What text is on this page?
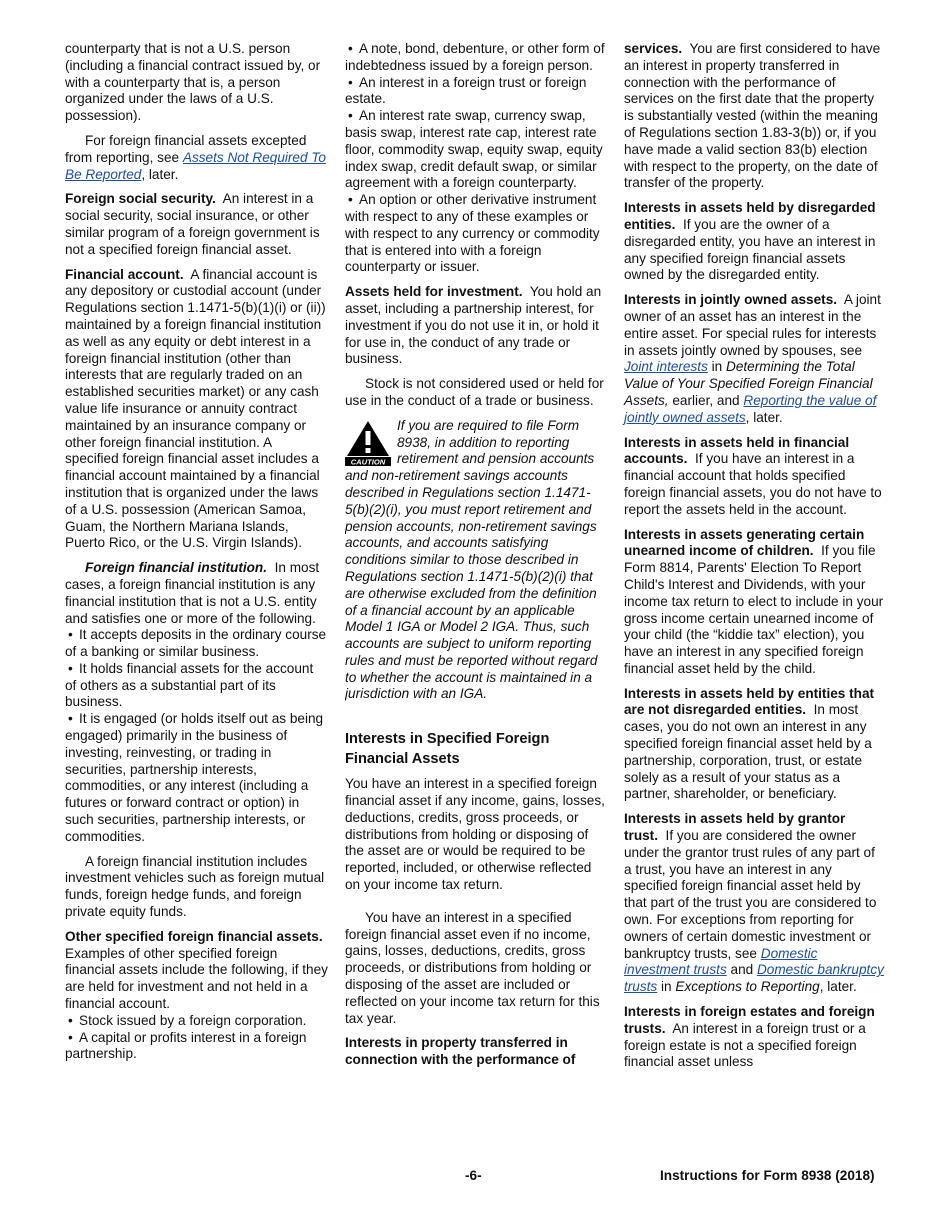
counterparty that is not a U.S. person (including a financial contract issued by, or with a counterparty that is, a person organized under the laws of a U.S. possession).

For foreign financial assets excepted from reporting, see Assets Not Required To Be Reported, later.

Foreign social security. An interest in a social security, social insurance, or other similar program of a foreign government is not a specified foreign financial asset.

Financial account. A financial account is any depository or custodial account (under Regulations section 1.1471-5(b)(1)(i) or (ii)) maintained by a foreign financial institution as well as any equity or debt interest in a foreign financial institution (other than interests that are regularly traded on an established securities market) or any cash value life insurance or annuity contract maintained by an insurance company or other foreign financial institution. A specified foreign financial asset includes a financial account maintained by a financial institution that is organized under the laws of a U.S. possession (American Samoa, Guam, the Northern Mariana Islands, Puerto Rico, or the U.S. Virgin Islands).

Foreign financial institution. In most cases, a foreign financial institution is any financial institution that is not a U.S. entity and satisfies one or more of the following.

• It accepts deposits in the ordinary course of a banking or similar business.

• It holds financial assets for the account of others as a substantial part of its business.

• It is engaged (or holds itself out as being engaged) primarily in the business of investing, reinvesting, or trading in securities, partnership interests, commodities, or any interest (including a futures or forward contract or option) in such securities, partnership interests, or commodities.

A foreign financial institution includes investment vehicles such as foreign mutual funds, foreign hedge funds, and foreign private equity funds.

Other specified foreign financial assets.  Examples of other specified foreign financial assets include the following, if they are held for investment and not held in a financial account.

• Stock issued by a foreign corporation.

• A capital or profits interest in a foreign partnership.

• A note, bond, debenture, or other form of indebtedness issued by a foreign person.

• An interest in a foreign trust or foreign estate.

• An interest rate swap, currency swap, basis swap, interest rate cap, interest rate floor, commodity swap, equity swap, equity index swap, credit default swap, or similar agreement with a foreign counterparty.

• An option or other derivative instrument with respect to any of these examples or with respect to any currency or commodity that is entered into with a foreign counterparty or issuer.

Assets held for investment. You hold an asset, including a partnership interest, for investment if you do not use it in, or hold it for use in, the conduct of any trade or business.

Stock is not considered used or held for use in the conduct of a trade or business.

CAUTION
If you are required to file Form 8938, in addition to reporting retirement and pension accounts and non-retirement savings accounts described in Regulations section 1.1471-5(b)(2)(i), you must report retirement and pension accounts, non-retirement savings accounts, and accounts satisfying conditions similar to those described in Regulations section 1.1471-5(b)(2)(i) that are otherwise excluded from the definition of a financial account by an applicable Model 1 IGA or Model 2 IGA. Thus, such accounts are subject to uniform reporting rules and must be reported without regard to whether the account is maintained in a jurisdiction with an IGA.
Interests in Specified Foreign Financial Assets

You have an interest in a specified foreign financial asset if any income, gains, losses, deductions, credits, gross proceeds, or distributions from holding or disposing of the asset are or would be required to be reported, included, or otherwise reflected on your income tax return.

You have an interest in a specified foreign financial asset even if no income, gains, losses, deductions, credits, gross proceeds, or distributions from holding or disposing of the asset are included or reflected on your income tax return for this tax year.

Interests in property transferred in connection with the performance of

services. You are first considered to have an interest in property transferred in connection with the performance of services on the first date that the property is substantially vested (within the meaning of Regulations section 1.83-3(b)) or, if you have made a valid section 83(b) election with respect to the property, on the date of transfer of the property.

Interests in assets held by disregarded entities. If you are the owner of a disregarded entity, you have an interest in any specified foreign financial assets owned by the disregarded entity.

Interests in jointly owned assets. A joint owner of an asset has an interest in the entire asset. For special rules for interests in assets jointly owned by spouses, see Joint interests in Determining the Total Value of Your Specified Foreign Financial Assets, earlier, and Reporting the value of jointly owned assets, later.

Interests in assets held in financial accounts. If you have an interest in a financial account that holds specified foreign financial assets, you do not have to report the assets held in the account.

Interests in assets generating certain unearned income of children. If you file Form 8814, Parents' Election To Report Child's Interest and Dividends, with your income tax return to elect to include in your gross income certain unearned income of your child (the “kiddie tax” election), you have an interest in any specified foreign financial asset held by the child.

Interests in assets held by entities that are not disregarded entities. In most cases, you do not own an interest in any specified foreign financial asset held by a partnership, corporation, trust, or estate solely as a result of your status as a partner, shareholder, or beneficiary.

Interests in assets held by grantor trust. If you are considered the owner under the grantor trust rules of any part of a trust, you have an interest in any specified foreign financial asset held by that part of the trust you are considered to own. For exceptions from reporting for owners of certain domestic investment or bankruptcy trusts, see Domestic investment trusts and Domestic bankruptcy trusts in Exceptions to Reporting, later.

Interests in foreign estates and foreign trusts. An interest in a foreign trust or a foreign estate is not a specified foreign financial asset unless

-6-	Instructions for Form 8938 (2018)
